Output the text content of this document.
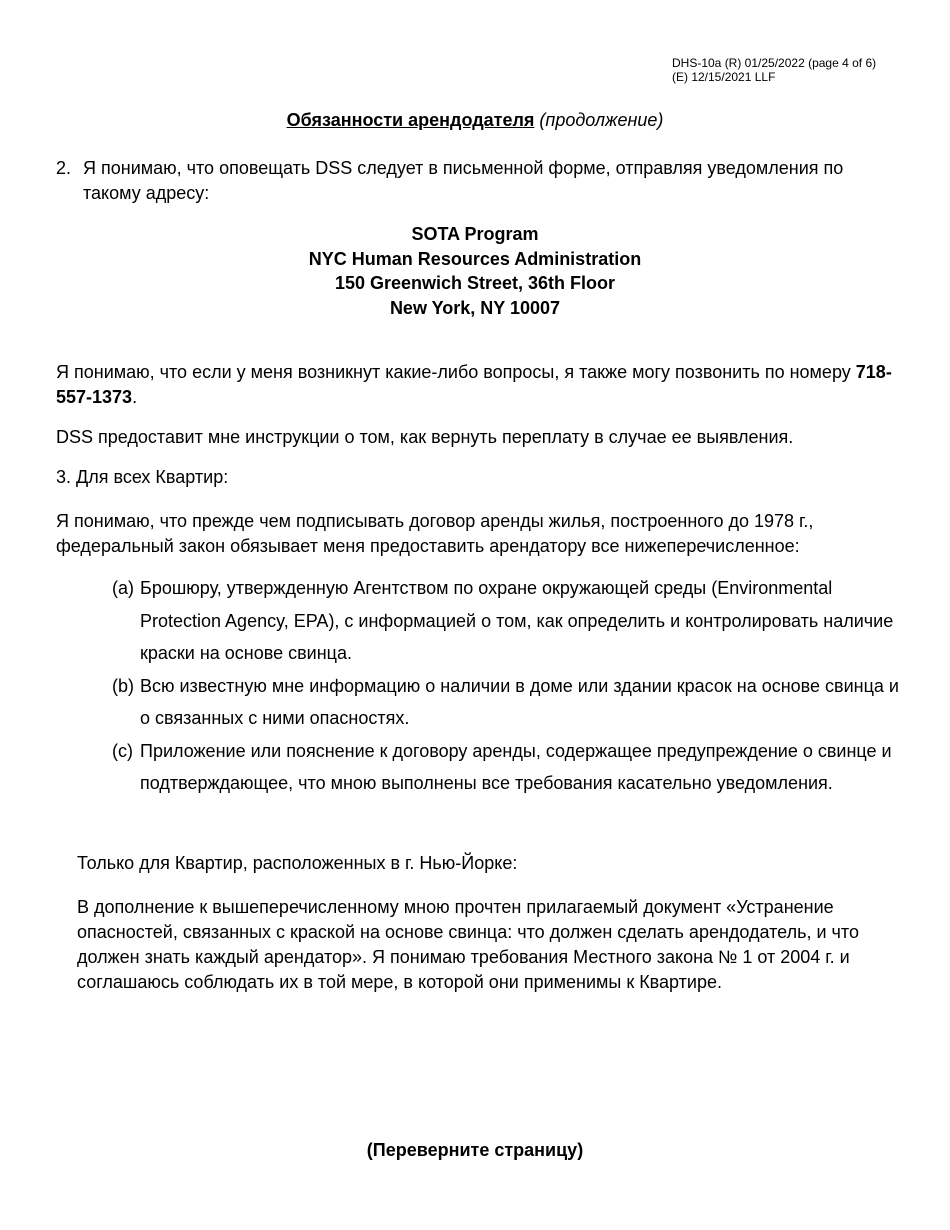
DHS-10a (R) 01/25/2022 (page 4 of 6)
(E) 12/15/2021 LLF
Обязанности арендодателя (продолжение)
2. Я понимаю, что оповещать DSS следует в письменной форме, отправляя уведомления по такому адресу:
SOTA Program
NYC Human Resources Administration
150 Greenwich Street, 36th Floor
New York, NY 10007
Я понимаю, что если у меня возникнут какие-либо вопросы, я также могу позвонить по номеру 718-557-1373.
DSS предоставит мне инструкции о том, как вернуть переплату в случае ее выявления.
3. Для всех Квартир:
Я понимаю, что прежде чем подписывать договор аренды жилья, построенного до 1978 г., федеральный закон обязывает меня предоставить арендатору все нижеперечисленное:
(a) Брошюру, утвержденную Агентством по охране окружающей среды (Environmental Protection Agency, EPA), с информацией о том, как определить и контролировать наличие краски на основе свинца.
(b) Всю известную мне информацию о наличии в доме или здании красок на основе свинца и о связанных с ними опасностях.
(c) Приложение или пояснение к договору аренды, содержащее предупреждение о свинце и подтверждающее, что мною выполнены все требования касательно уведомления.
Только для Квартир, расположенных в г. Нью-Йорке:
В дополнение к вышеперечисленному мною прочтен прилагаемый документ «Устранение опасностей, связанных с краской на основе свинца: что должен сделать арендодатель, и что должен знать каждый арендатор». Я понимаю требования Местного закона № 1 от 2004 г. и соглашаюсь соблюдать их в той мере, в которой они применимы к Квартире.
(Переверните страницу)
